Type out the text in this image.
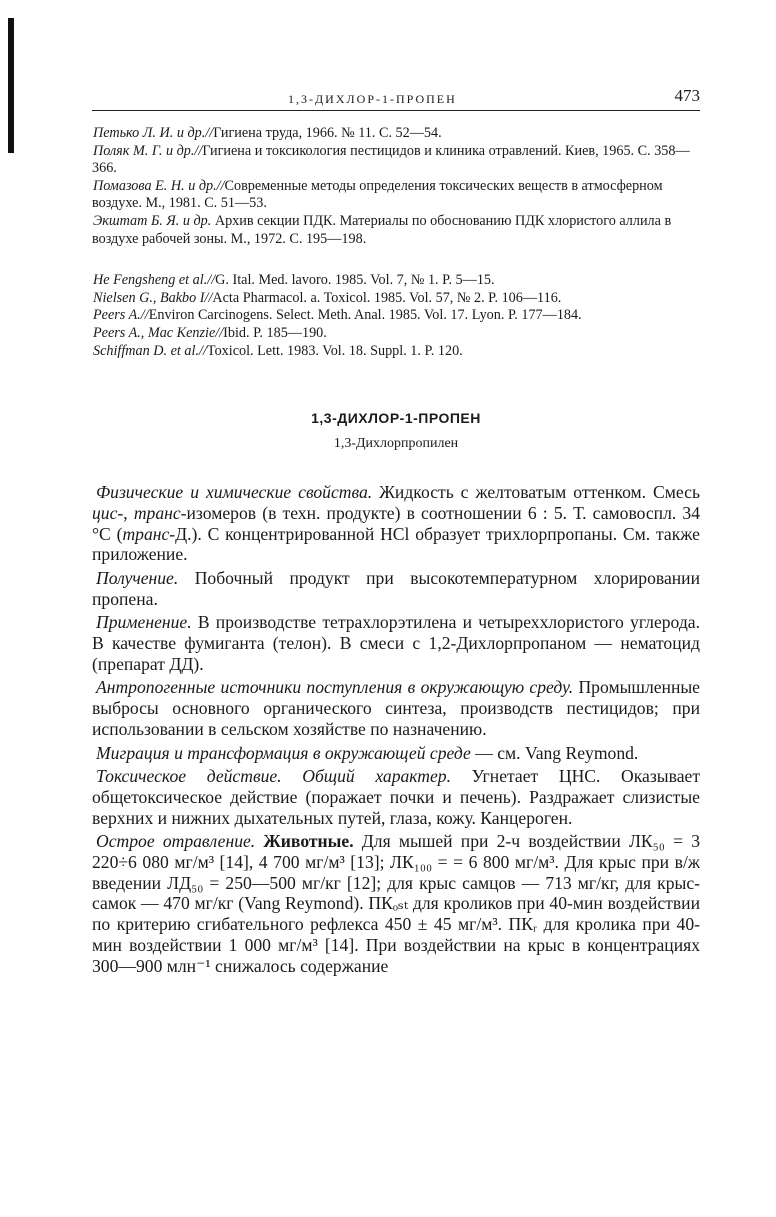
1,3-ДИХЛОР-1-ПРОПЕН	473
Петько Л. И. и др.//Гигиена труда, 1966. № 11. С. 52—54.
Поляк М. Г. и др.//Гигиена и токсикология пестицидов и клиника отравлений. Киев, 1965. С. 358—366.
Помазова Е. Н. и др.//Современные методы определения токсических веществ в атмосферном воздухе. М., 1981. С. 51—53.
Экштат Б. Я. и др. Архив секции ПДК. Материалы по обоснованию ПДК хлористого аллила в воздухе рабочей зоны. М., 1972. С. 195—198.
He Fengsheng et al.//G. Ital. Med. lavoro. 1985. Vol. 7, № 1. P. 5—15.
Nielsen G., Bakbo I//Acta Pharmacol. a. Toxicol. 1985. Vol. 57, № 2. P. 106—116.
Peers A.//Environ Carcinogens. Select. Meth. Anal. 1985. Vol. 17. Lyon. P. 177—184.
Peers A., Mac Kenzie//Ibid. P. 185—190.
Schiffman D. et al.//Toxicol. Lett. 1983. Vol. 18. Suppl. 1. P. 120.
1,3-ДИХЛОР-1-ПРОПЕН
1,3-Дихлорпропилен

Физические и химические свойства. Жидкость с желтоватым оттенком. Смесь цис-, транс-изомеров (в техн. продукте) в соотношении 6 : 5. Т. самовоспл. 34 °С (транс-Д.). С концентрированной HCl образует трихлорпропаны. См. также приложение.

Получение. Побочный продукт при высокотемпературном хлорировании пропена.

Применение. В производстве тетрахлорэтилена и четыреххлористого углерода. В качестве фумиганта (телон). В смеси с 1,2-Дихлорпропаном — нематоцид (препарат ДД).

Антропогенные источники поступления в окружающую среду. Промышленные выбросы основного органического синтеза, производств пестицидов; при использовании в сельском хозяйстве по назначению.

Миграция и трансформация в окружающей среде — см. Vang Reymond.

Токсическое действие. Общий характер. Угнетает ЦНС. Оказывает общетоксическое действие (поражает почки и печень). Раздражает слизистые верхних и нижних дыхательных путей, глаза, кожу. Канцероген.

Острое отравление. Животные. Для мышей при 2-ч воздействии ЛК₅₀ = 3 220÷6 080 мг/м³ [14], 4 700 мг/м³ [13]; ЛК₁₀₀ = = 6 800 мг/м³. Для крыс при в/ж введении ЛД₅₀ = 250—500 мг/кг [12]; для крыс самцов — 713 мг/кг, для крыс-самок — 470 мг/кг (Vang Reymond). ПКₒₛₜ для кроликов при 40-мин воздействии по критерию сгибательного рефлекса 450 ± 45 мг/м³. ПКᵣ для кролика при 40-мин воздействии 1 000 мг/м³ [14]. При воздействии на крыс в концентрациях 300—900 млн⁻¹ снижалось содержание
